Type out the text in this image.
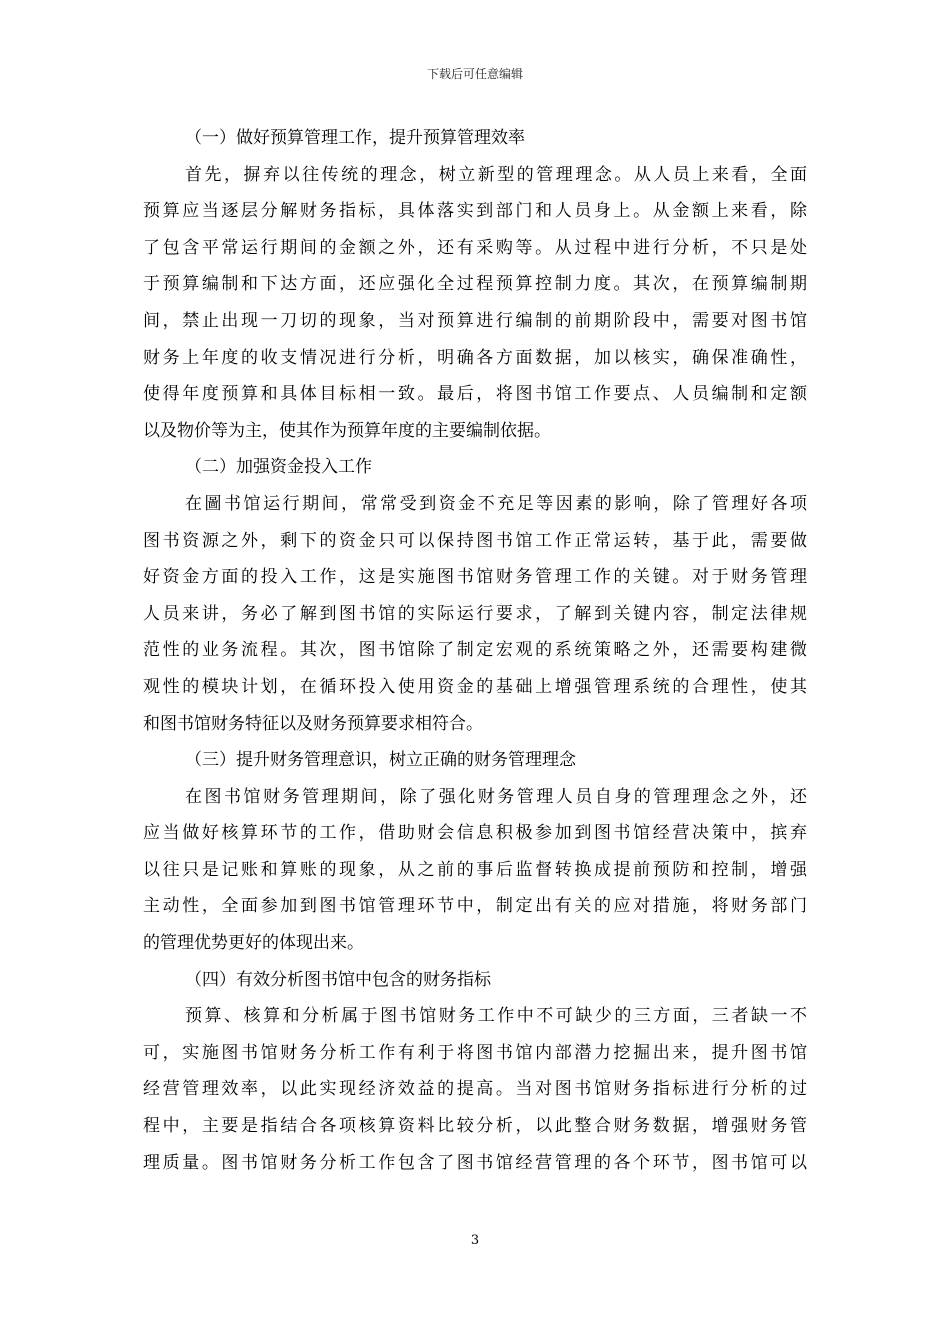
下载后可任意编辑

（一）做好预算管理工作，提升预算管理效率

首先，摒弃以往传统的理念，树立新型的管理理念。从人员上来看，全面
预算应当逐层分解财务指标，具体落实到部门和人员身上。从金额上来看，除
了包含平常运行期间的金额之外，还有采购等。从过程中进行分析，不只是处
于预算编制和下达方面，还应强化全过程预算控制力度。其次，在预算编制期
间，禁止出现一刀切的现象，当对预算进行编制的前期阶段中，需要对图书馆
财务上年度的收支情况进行分析，明确各方面数据，加以核实，确保准确性，
使得年度预算和具体目标相一致。最后，将图书馆工作要点、人员编制和定额
以及物价等为主，使其作为预算年度的主要编制依据。

（二）加强资金投入工作

在圖书馆运行期间，常常受到资金不充足等因素的影响，除了管理好各项
图书资源之外，剩下的资金只可以保持图书馆工作正常运转，基于此，需要做
好资金方面的投入工作，这是实施图书馆财务管理工作的关键。对于财务管理
人员来讲，务必了解到图书馆的实际运行要求，了解到关键内容，制定法律规
范性的业务流程。其次，图书馆除了制定宏观的系统策略之外，还需要构建微
观性的模块计划，在循环投入使用资金的基础上增强管理系统的合理性，使其
和图书馆财务特征以及财务预算要求相符合。

（三）提升财务管理意识，树立正确的财务管理理念

在图书馆财务管理期间，除了强化财务管理人员自身的管理理念之外，还
应当做好核算环节的工作，借助财会信息积极参加到图书馆经营决策中，摈弃
以往只是记账和算账的现象，从之前的事后监督转换成提前预防和控制，增强
主动性，全面参加到图书馆管理环节中，制定出有关的应对措施，将财务部门
的管理优势更好的体现出来。

（四）有效分析图书馆中包含的财务指标

预算、核算和分析属于图书馆财务工作中不可缺少的三方面，三者缺一不
可，实施图书馆财务分析工作有利于将图书馆内部潜力挖掘出来，提升图书馆
经营管理效率，以此实现经济效益的提高。当对图书馆财务指标进行分析的过
程中，主要是指结合各项核算资料比较分析，以此整合财务数据，增强财务管
理质量。图书馆财务分析工作包含了图书馆经营管理的各个环节，图书馆可以
3
